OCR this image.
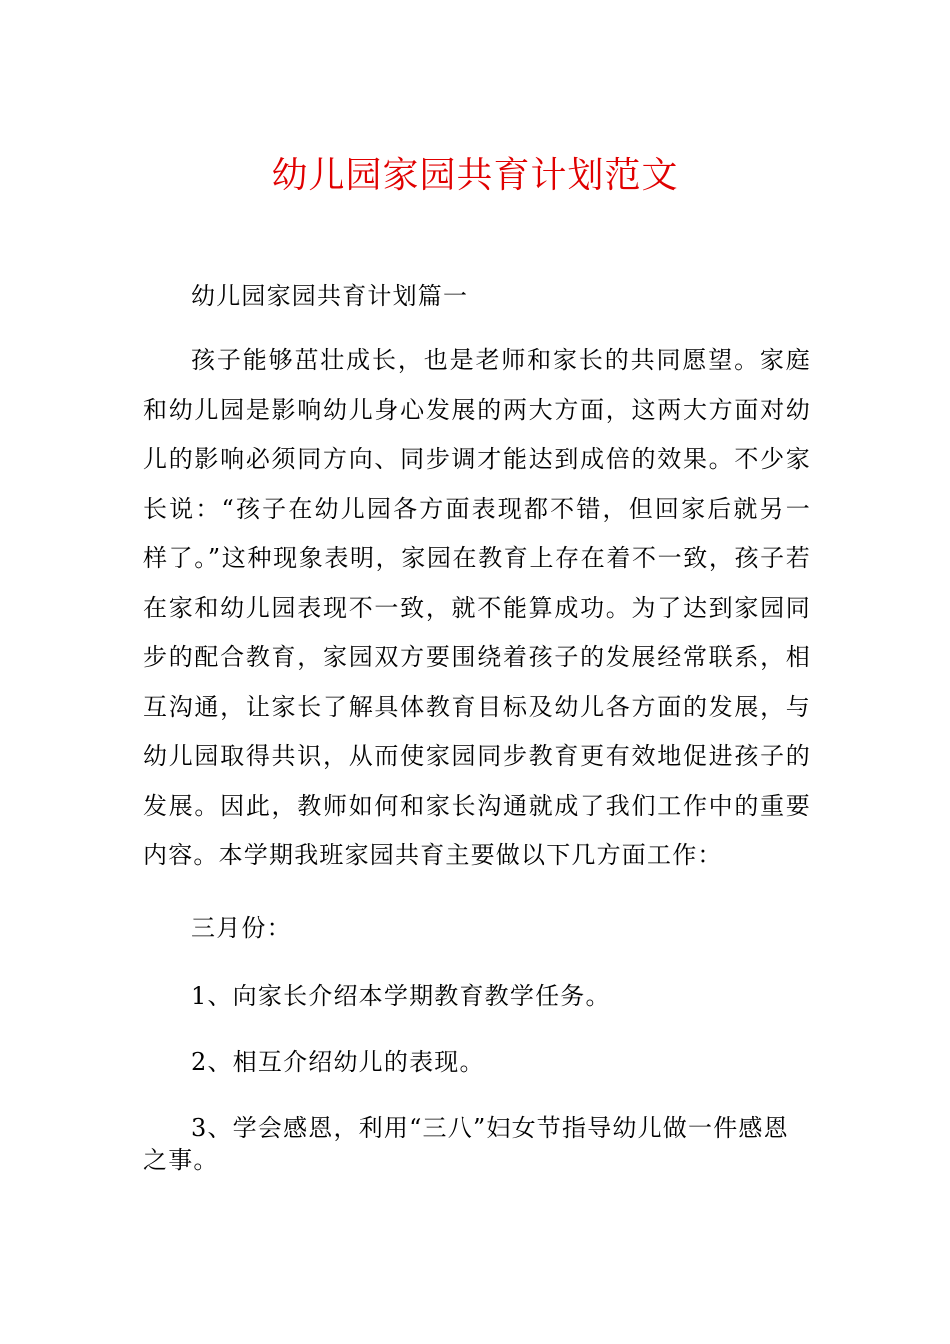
幼儿园家园共育计划范文
幼儿园家园共育计划篇一
孩子能够茁壮成长，也是老师和家长的共同愿望。家庭和幼儿园是影响幼儿身心发展的两大方面，这两大方面对幼儿的影响必须同方向、同步调才能达到成倍的效果。不少家长说：“孩子在幼儿园各方面表现都不错，但回家后就另一样了。”这种现象表明，家园在教育上存在着不一致，孩子若在家和幼儿园表现不一致，就不能算成功。为了达到家园同步的配合教育，家园双方要围绕着孩子的发展经常联系，相互沟通，让家长了解具体教育目标及幼儿各方面的发展，与幼儿园取得共识，从而使家园同步教育更有效地促进孩子的发展。因此，教师如何和家长沟通就成了我们工作中的重要内容。本学期我班家园共育主要做以下几方面工作：
三月份：
1、向家长介绍本学期教育教学任务。
2、相互介绍幼儿的表现。
3、学会感恩，利用“三八”妇女节指导幼儿做一件感恩之事。
